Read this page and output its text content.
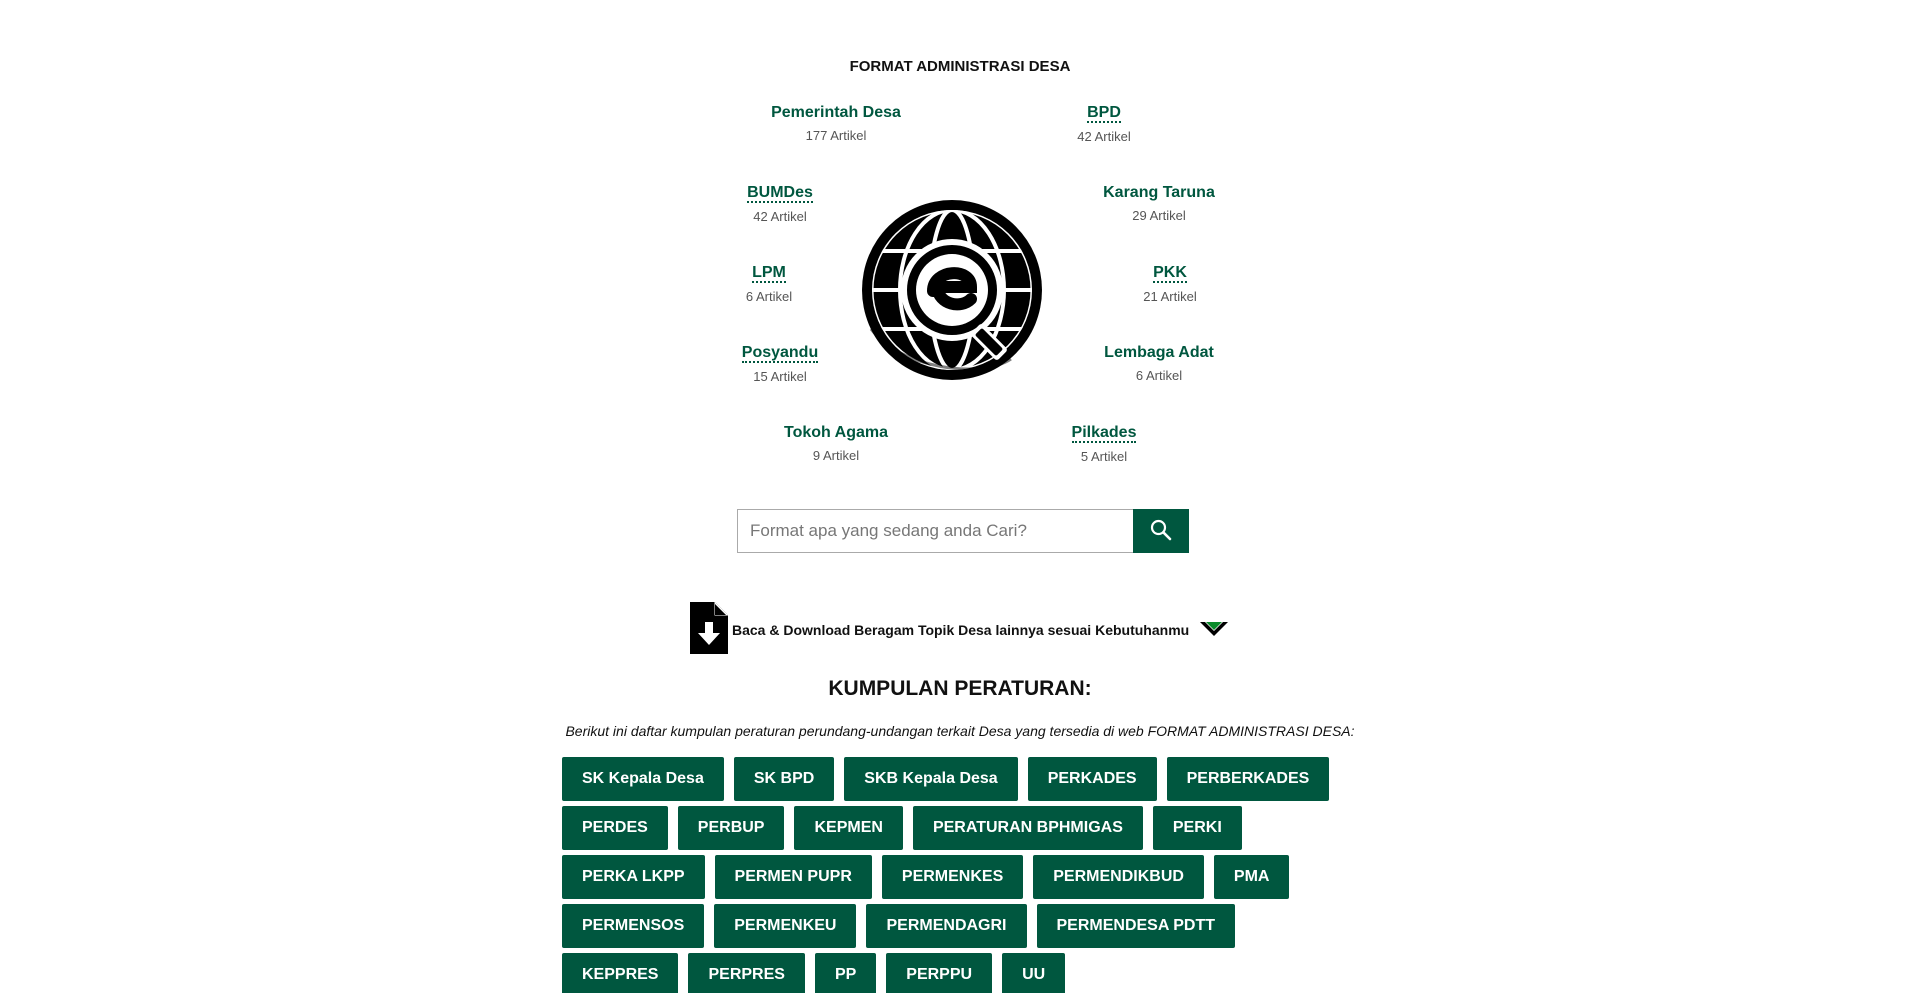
FORMAT ADMINISTRASI DESA
Pemerintah Desa
177 Artikel
BPD
42 Artikel
BUMDes
42 Artikel
Karang Taruna
29 Artikel
LPM
6 Artikel
PKK
21 Artikel
Posyandu
15 Artikel
Lembaga Adat
6 Artikel
Tokoh Agama
9 Artikel
Pilkades
5 Artikel
Format apa yang sedang anda Cari?
Baca & Download Beragam Topik Desa lainnya sesuai Kebutuhanmu
KUMPULAN PERATURAN:

Berikut ini daftar kumpulan peraturan perundang-undangan terkait Desa yang tersedia di web FORMAT ADMINISTRASI DESA:

SK Kepala Desa	SK BPD	SKB Kepala Desa	PERKADES	PERBERKADES
PERDES	PERBUP	KEPMEN	PERATURAN BPHMIGAS	PERKI
PERKA LKPP	PERMEN PUPR	PERMENKES	PERMENDIKBUD	PMA
PERMENSOS	PERMENKEU	PERMENDAGRI	PERMENDESA PDTT
KEPPRES	PERPRES	PP	PERPPU	UU
